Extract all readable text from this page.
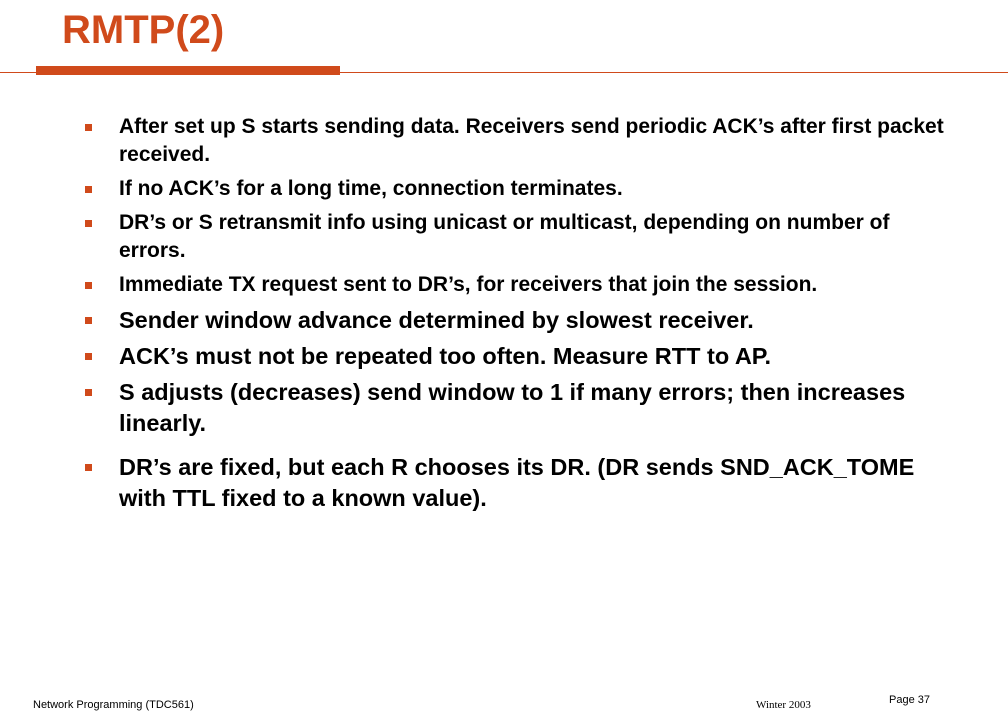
RMTP(2)
After set up S starts sending data. Receivers send periodic ACK’s after first packet received.
If no ACK’s for a long time, connection terminates.
DR’s or S retransmit info using unicast or multicast, depending on number of errors.
Immediate TX request sent to DR’s, for receivers that join the session.
Sender window advance determined by slowest receiver.
ACK’s must not be repeated too often. Measure RTT to AP.
S adjusts (decreases) send window to 1 if many errors; then increases linearly.
DR’s are fixed, but each R chooses its DR. (DR sends SND_ACK_TOME with TTL fixed to a known value).
Network Programming (TDC561)	Winter 2003	Page 37
